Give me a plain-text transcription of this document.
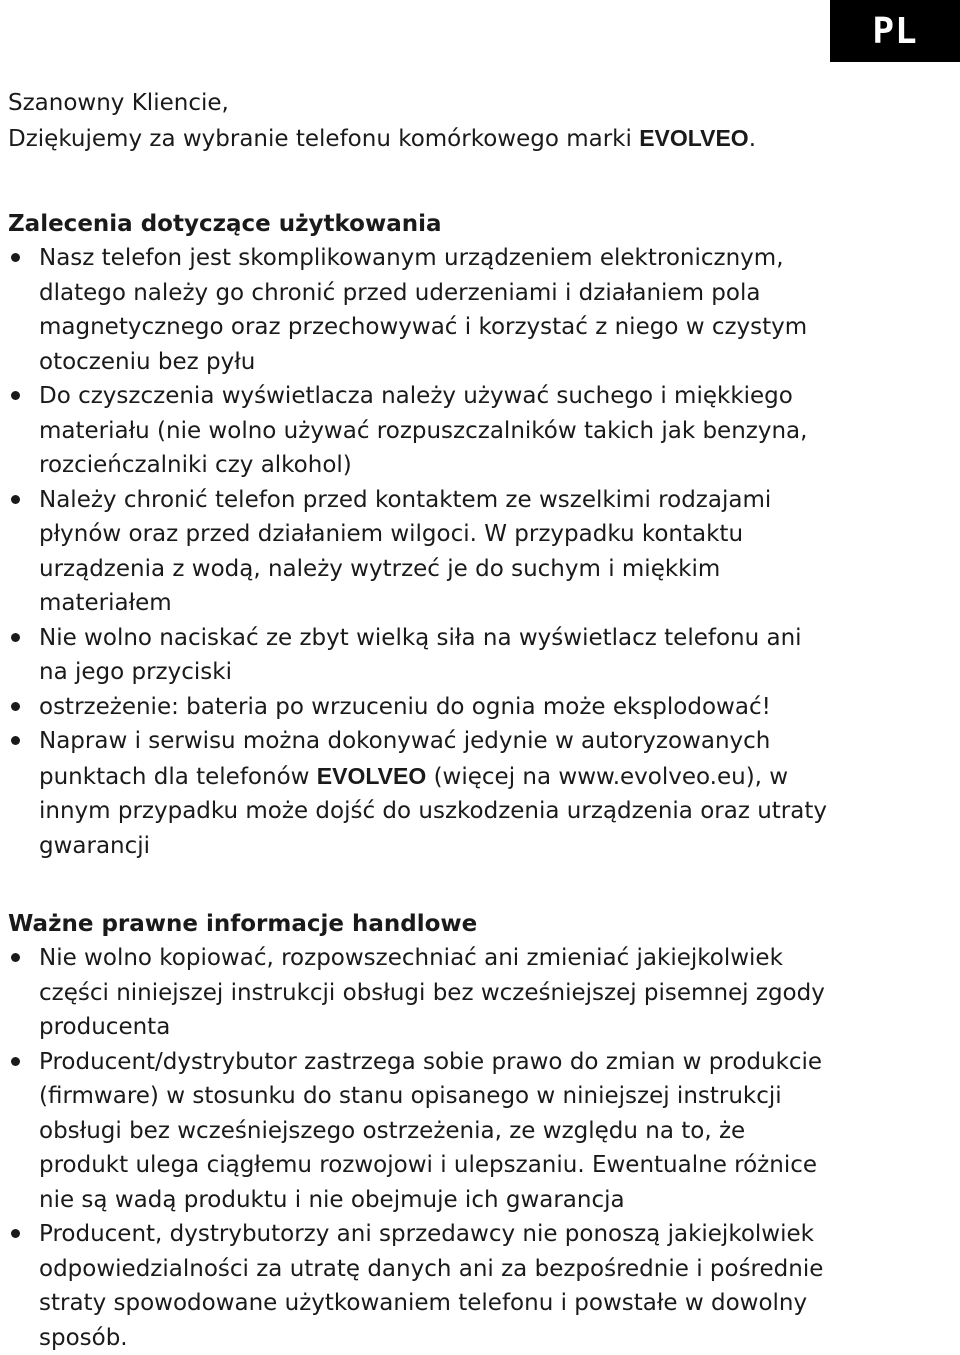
PL

Szanowny Kliencie,

Dziękujemy za wybranie telefonu komórkowego marki EVOLVEO.

Zalecenia dotyczące użytkowania
Nasz telefon jest skomplikowanym urządzeniem elektronicznym,
dlatego należy go chronić przed uderzeniami i działaniem pola
magnetycznego oraz przechowywać i korzystać z niego w czystym
otoczeniu bez pyłu
Do czyszczenia wyświetlacza należy używać suchego i miękkiego
materiału (nie wolno używać rozpuszczalników takich jak benzyna,
rozcieńczalniki czy alkohol)
Należy chronić telefon przed kontaktem ze wszelkimi rodzajami
płynów oraz przed działaniem wilgoci. W przypadku kontaktu
urządzenia z wodą, należy wytrzeć je do suchym i miękkim
materiałem
Nie wolno naciskać ze zbyt wielką siła na wyświetlacz telefonu ani
na jego przyciski
ostrzeżenie: bateria po wrzuceniu do ognia może eksplodować!
Napraw i serwisu można dokonywać jedynie w autoryzowanych
punktach dla telefonów EVOLVEO (więcej na www.evolveo.eu), w
innym przypadku może dojść do uszkodzenia urządzenia oraz utraty
gwarancji
Ważne prawne informacje handlowe
Nie wolno kopiować, rozpowszechniać ani zmieniać jakiejkolwiek
części niniejszej instrukcji obsługi bez wcześniejszej pisemnej zgody
producenta
Producent/dystrybutor zastrzega sobie prawo do zmian w produkcie
(firmware) w stosunku do stanu opisanego w niniejszej instrukcji
obsługi bez wcześniejszego ostrzeżenia, ze względu na to, że
produkt ulega ciągłemu rozwojowi i ulepszaniu. Ewentualne różnice
nie są wadą produktu i nie obejmuje ich gwarancja
Producent, dystrybutorzy ani sprzedawcy nie ponoszą jakiejkolwiek
odpowiedzialności za utratę danych ani za bezpośrednie i pośrednie
straty spowodowane użytkowaniem telefonu i powstałe w dowolny
sposób.
